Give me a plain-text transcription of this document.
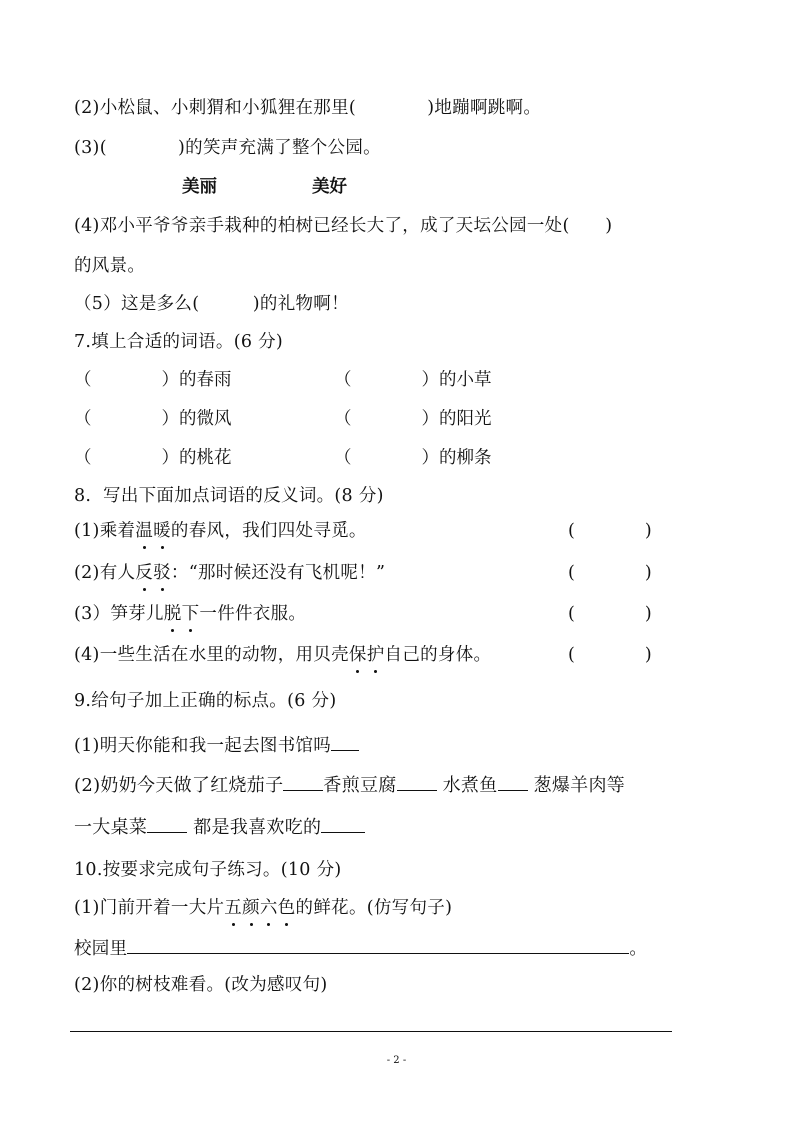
(2)小松鼠、小刺猬和小狐狸在那里(　　　　)地蹦啊跳啊。
(3)(　　　　)的笑声充满了整个公园。
美丽	美好
(4)邓小平爷爷亲手栽种的柏树已经长大了，成了天坛公园一处(　　)
的风景。
（5）这是多么(　　　)的礼物啊！
7.填上合适的词语。(6 分)
（　　　　）的春雨	（　　　　）的小草
（　　　　）的微风	（　　　　）的阳光
（　　　　）的桃花	（　　　　）的柳条
8.  写出下面加点词语的反义词。(8 分)
(1)乘着温暖的春风，我们四处寻觅。	(　　　　)
(2)有人反驳：“那时候还没有飞机呢！”	(　　　　)
(3）笋芽儿脱下一件件衣服。	(　　　　)
(4)一些生活在水里的动物，用贝壳保护自己的身体。	(　　　　)
9.给句子加上正确的标点。(6 分)
(1)明天你能和我一起去图书馆吗
(2)奶奶今天做了红烧茄子 香煎豆腐 水煮鱼 葱爆羊肉等
一大桌菜 都是我喜欢吃的
10.按要求完成句子练习。(10 分)
(1)门前开着一大片五颜六色的鲜花。(仿写句子)
校园里	。
(2)你的树枝难看。(改为感叹句)
- 2 -
